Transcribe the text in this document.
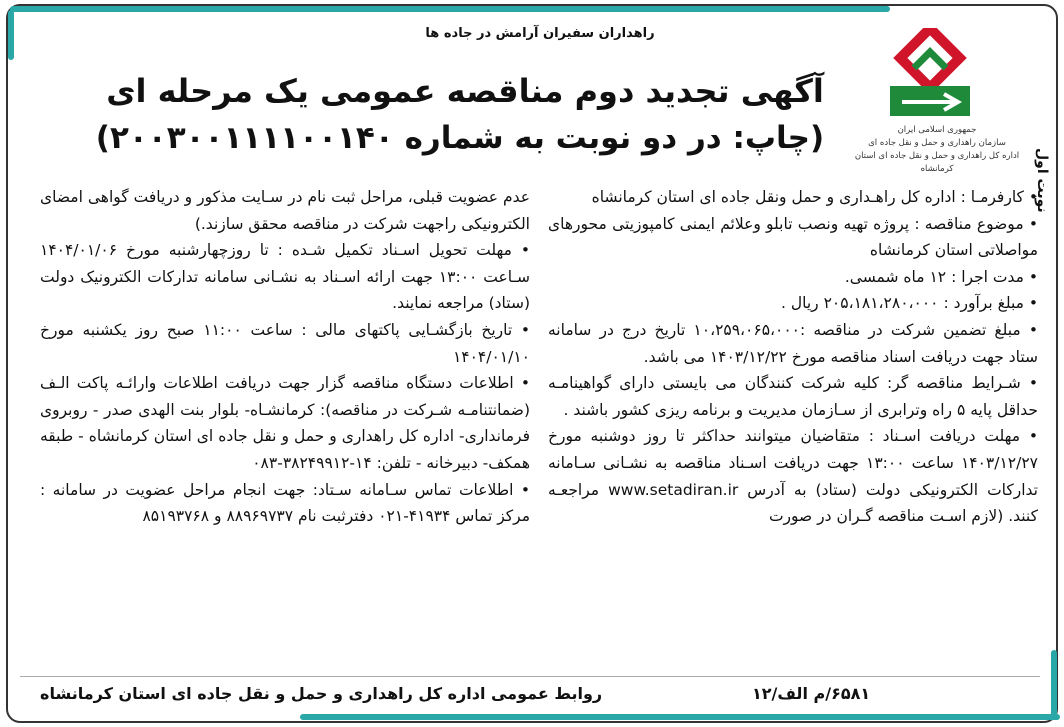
راهداران سفیران آرامش در جاده ها
نوبت اول
جمهوری اسلامی ایران
سازمان راهداری و حمل و نقل جاده ای
اداره کل راهداری و حمل و نقل جاده ای استان کرمانشاه
آگهی تجدید دوم مناقصه عمومی یک مرحله ای
(چاپ: در دو نوبت به شماره ۲۰۰۳۰۰۱۱۱۱۰۰۱۴۰)

• کارفرمـا : اداره کل راهـداری و حمل ونقل جاده ای استان کرمانشاه

• موضوع مناقصه : پروژه تهیه ونصب تابلو وعلائم ایمنی کامپوزیتی محورهای مواصلاتی استان کرمانشاه

• مدت اجرا : ۱۲ ماه شمسی.

• مبلغ برآورد : ۲۰۵،۱۸۱،۲۸۰،۰۰۰ ریال .

• مبلغ تضمین شرکت در مناقصه :۱۰،۲۵۹،۰۶۵،۰۰۰ تاریخ درج در سامانه ستاد جهت دریافت اسناد مناقصه مورخ ۱۴۰۳/۱۲/۲۲ می باشد.

• شـرایط مناقصه گر: کلیه شرکت کنندگان می بایستی دارای گواهینامـه حداقل پایه ۵ راه وترابری از سـازمان مدیریت و برنامه ریزی کشور باشند .

• مهلت دریافت اسـناد : متقاضیان میتوانند حداکثر تا روز دوشنبه مورخ ۱۴۰۳/۱۲/۲۷ ساعت ۱۳:۰۰ جهت دریافت اسـناد مناقصه به نشـانی سـامانه تدارکات الکترونیکی دولت (ستاد) به آدرس www.setadiran.ir مراجعـه کنند. (لازم اسـت مناقصه گـران در صورت

عدم عضویت قبلی، مراحل ثبت نام در سـایت مذکور و دریافت گواهی امضای الکترونیکی راجهت شرکت در مناقصه محقق سازند.)

• مهلت تحویل اسـناد تکمیل شـده : تا روزچهارشنبه مورخ ۱۴۰۴/۰۱/۰۶ سـاعت ۱۳:۰۰ جهت ارائه اسـناد به نشـانی سامانه تدارکات الکترونیک دولت (ستاد) مراجعه نمایند.

• تاریخ بازگشـایی پاکتهای مالی : ساعت ۱۱:۰۰ صبح روز یکشنبه مورخ ۱۴۰۴/۰۱/۱۰

• اطلاعات دستگاه مناقصه گزار جهت دریافت اطلاعات وارائـه پاکت الـف (ضمانتنامـه شـرکت در مناقصه): کرمانشـاه- بلوار بنت الهدی صدر - روبروی فرمانداری- اداره کل راهداری و حمل و نقل جاده ای استان کرمانشاه - طبقه همکف- دبیرخانه - تلفن: ۱۴-۳۸۲۴۹۹۱۲-۰۸۳

• اطلاعات تماس سـامانه سـتاد: جهت انجام مراحل عضویت در سامانه : مرکز تماس ۴۱۹۳۴-۰۲۱ دفترثبت نام ۸۸۹۶۹۷۳۷ و ۸۵۱۹۳۷۶۸

روابط عمومی اداره کل راهداری و حمل و نقل جاده ای استان کرمانشاه	۶۵۸۱/م الف/۱۲
